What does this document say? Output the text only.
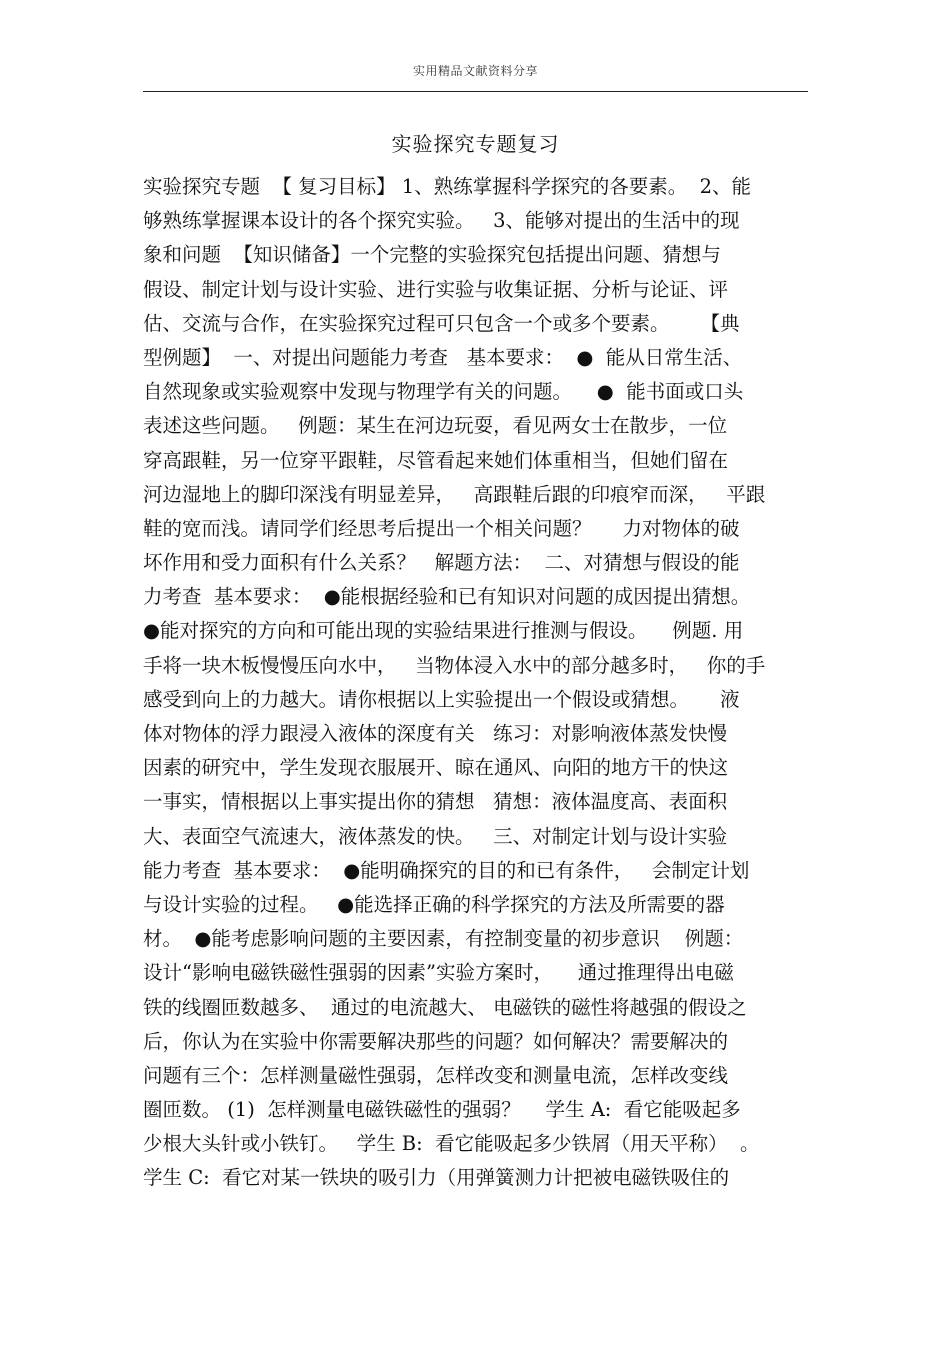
实用精品文献资料分享
实验探究专题复习
实验探究专题  【 复习目标】 1、熟练掌握科学探究的各要素。  2、能
够熟练掌握课本设计的各个探究实验。   3、能够对提出的生活中的现
象和问题  【知识储备】一个完整的实验探究包括提出问题、猜想与
假设、制定计划与设计实验、进行实验与收集证据、分析与论证、评
估、交流与合作，在实验探究过程可只包含一个或多个要素。     【典
型例题】  一、对提出问题能力考查   基本要求：  ●  能从日常生活、
自然现象或实验观察中发现与物理学有关的问题。    ●  能书面或口头
表述这些问题。   例题：某生在河边玩耍，看见两女士在散步，一位
穿高跟鞋，另一位穿平跟鞋，尽管看起来她们体重相当，但她们留在
河边湿地上的脚印深浅有明显差异，   高跟鞋后跟的印痕窄而深，   平跟
鞋的宽而浅。请同学们经思考后提出一个相关问题？     力对物体的破
坏作用和受力面积有什么关系？   解题方法：  二、对猜想与假设的能
力考查  基本要求：  ●能根据经验和已有知识对问题的成因提出猜想。
●能对探究的方向和可能出现的实验结果进行推测与假设。    例题. 用
手将一块木板慢慢压向水中，   当物体浸入水中的部分越多时，   你的手
感受到向上的力越大。请你根据以上实验提出一个假设或猜想。     液
体对物体的浮力跟浸入液体的深度有关   练习：对影响液体蒸发快慢
因素的研究中，学生发现衣服展开、晾在通风、向阳的地方干的快这
一事实，情根据以上事实提出你的猜想   猜想：液体温度高、表面积
大、表面空气流速大，液体蒸发的快。   三、对制定计划与设计实验
能力考查  基本要求：  ●能明确探究的目的和已有条件，   会制定计划
与设计实验的过程。   ●能选择正确的科学探究的方法及所需要的器
材。  ●能考虑影响问题的主要因素，有控制变量的初步意识    例题：
设计“影响电磁铁磁性强弱的因素”实验方案时，    通过推理得出电磁
铁的线圈匝数越多、  通过的电流越大、 电磁铁的磁性将越强的假设之
后，你认为在实验中你需要解决那些的问题？如何解决？需要解决的
问题有三个：怎样测量磁性强弱，怎样改变和测量电流，怎样改变线
圈匝数。 (1)  怎样测量电磁铁磁性的强弱？    学生 A:  看它能吸起多
少根大头针或小铁钉。   学生 B:  看它能吸起多少铁屑（用天平称）  。
学生 C:  看它对某一铁块的吸引力（用弹簧测力计把被电磁铁吸住的
